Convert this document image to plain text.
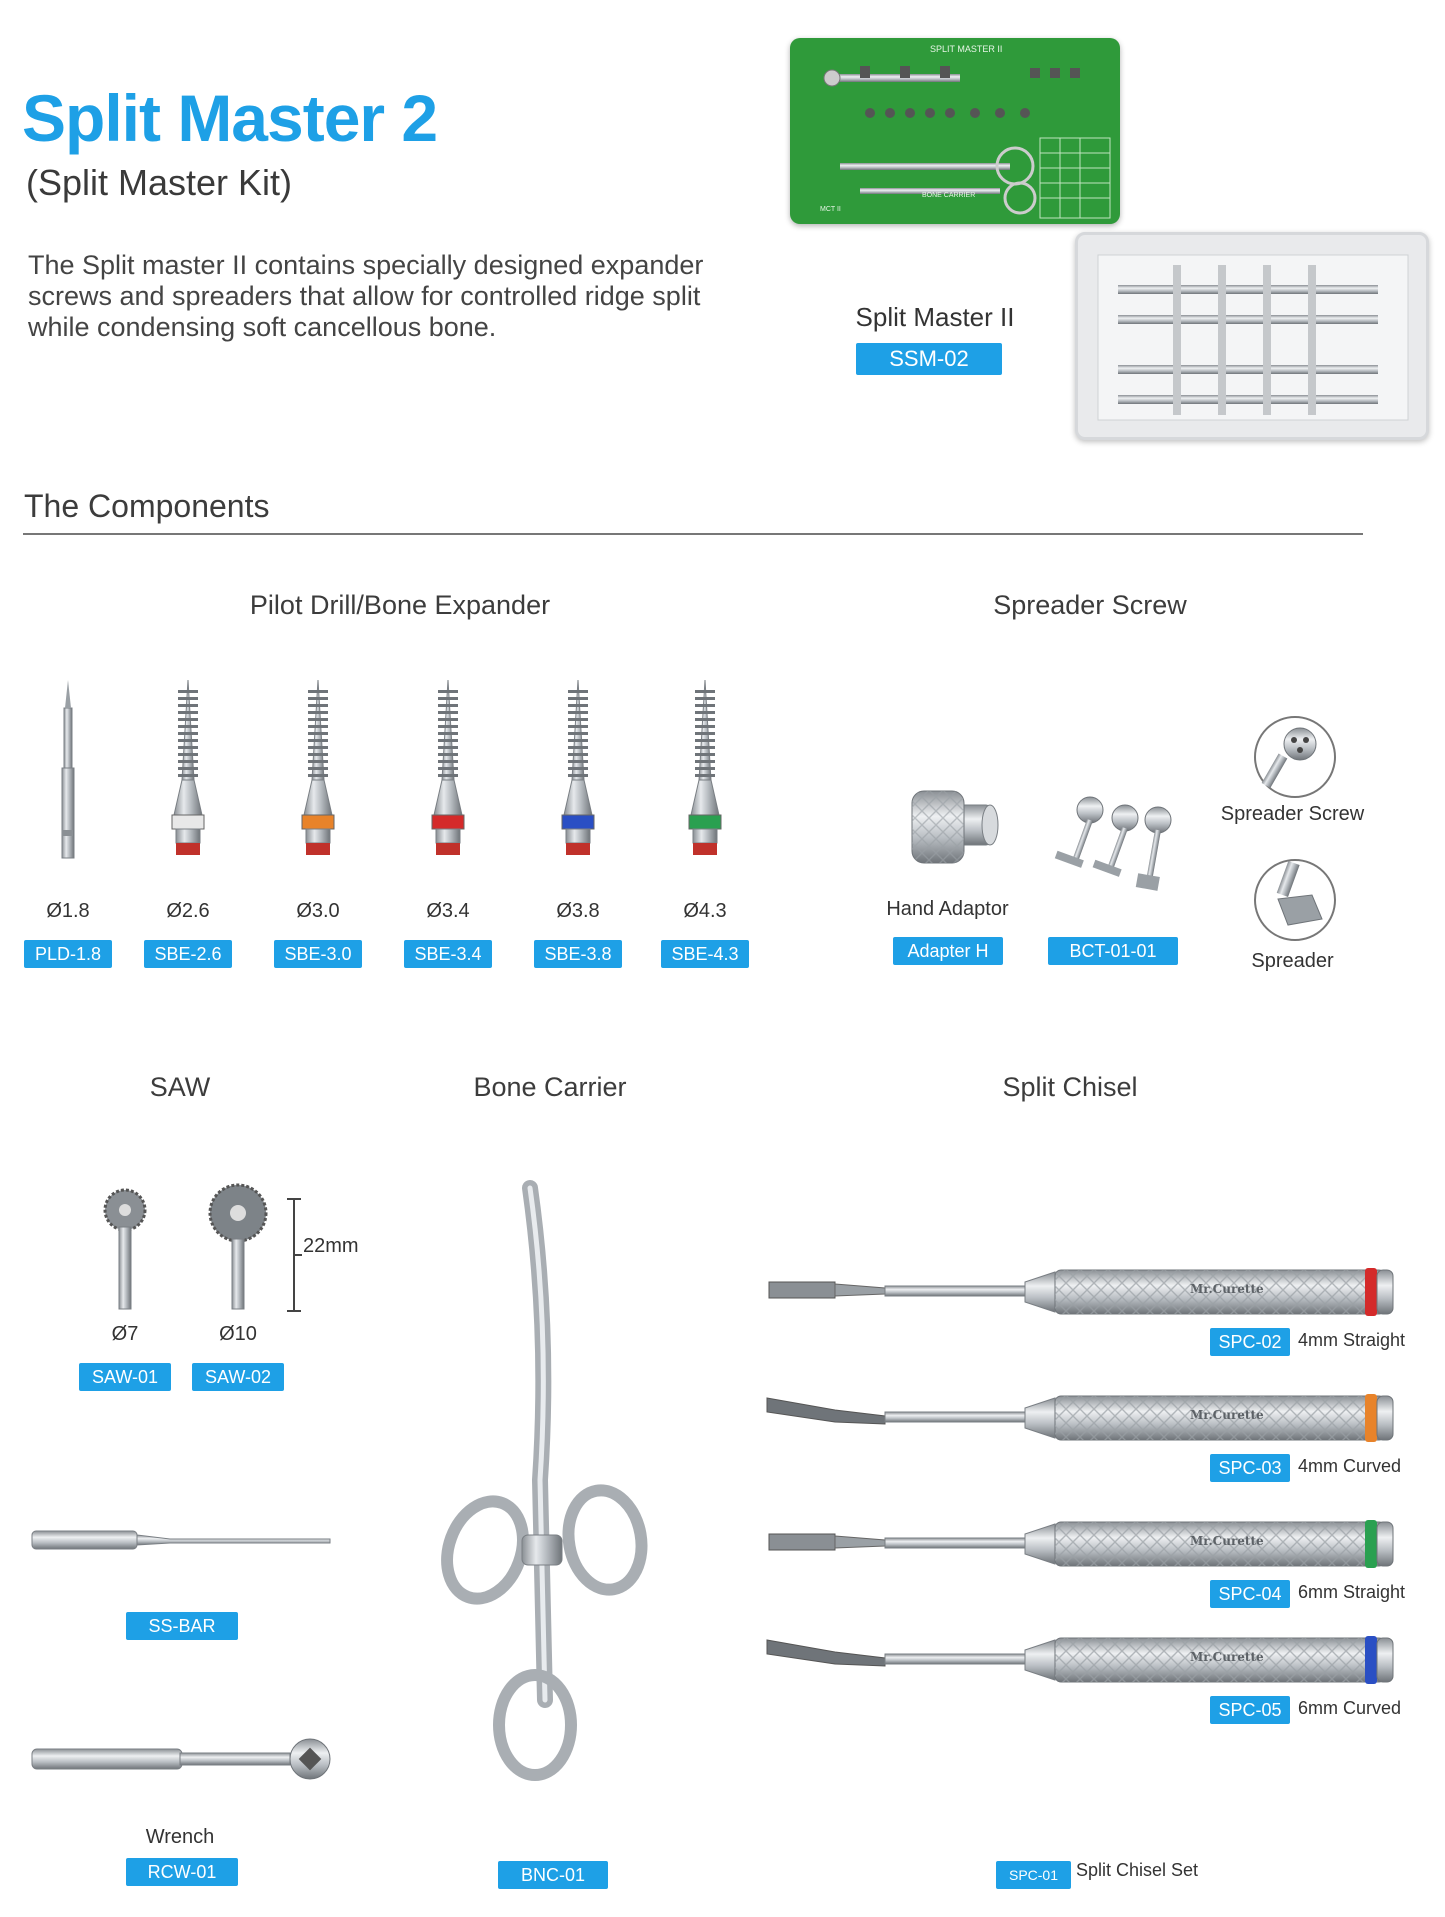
Split Master 2
(Split Master Kit)
The Split master II contains specially designed expander screws and spreaders that allow for controlled ridge split while condensing soft cancellous bone.
SPLIT MASTER II
BONE CARRIER
MCT II
Split Master II
SSM-02
The Components
Pilot Drill/Bone Expander
Ø1.8
PLD-1.8
Ø2.6
SBE-2.6
Ø3.0
SBE-3.0
Ø3.4
SBE-3.4
Ø3.8
SBE-3.8
Ø4.3
SBE-4.3
Spreader Screw
Hand Adaptor
Adapter H	BCT-01-01
Spreader Screw
Spreader
SAW
22mm
Ø7
SAW-01
Ø10
SAW-02
SS-BAR
Wrench
RCW-01
Bone Carrier
BNC-01
Split Chisel
Mr.Curette
SPC-02 4mm Straight
Mr.Curette
SPC-03 4mm Curved
Mr.Curette
SPC-04 6mm Straight
Mr.Curette
SPC-05 6mm Curved
SPC-01 Split Chisel Set
